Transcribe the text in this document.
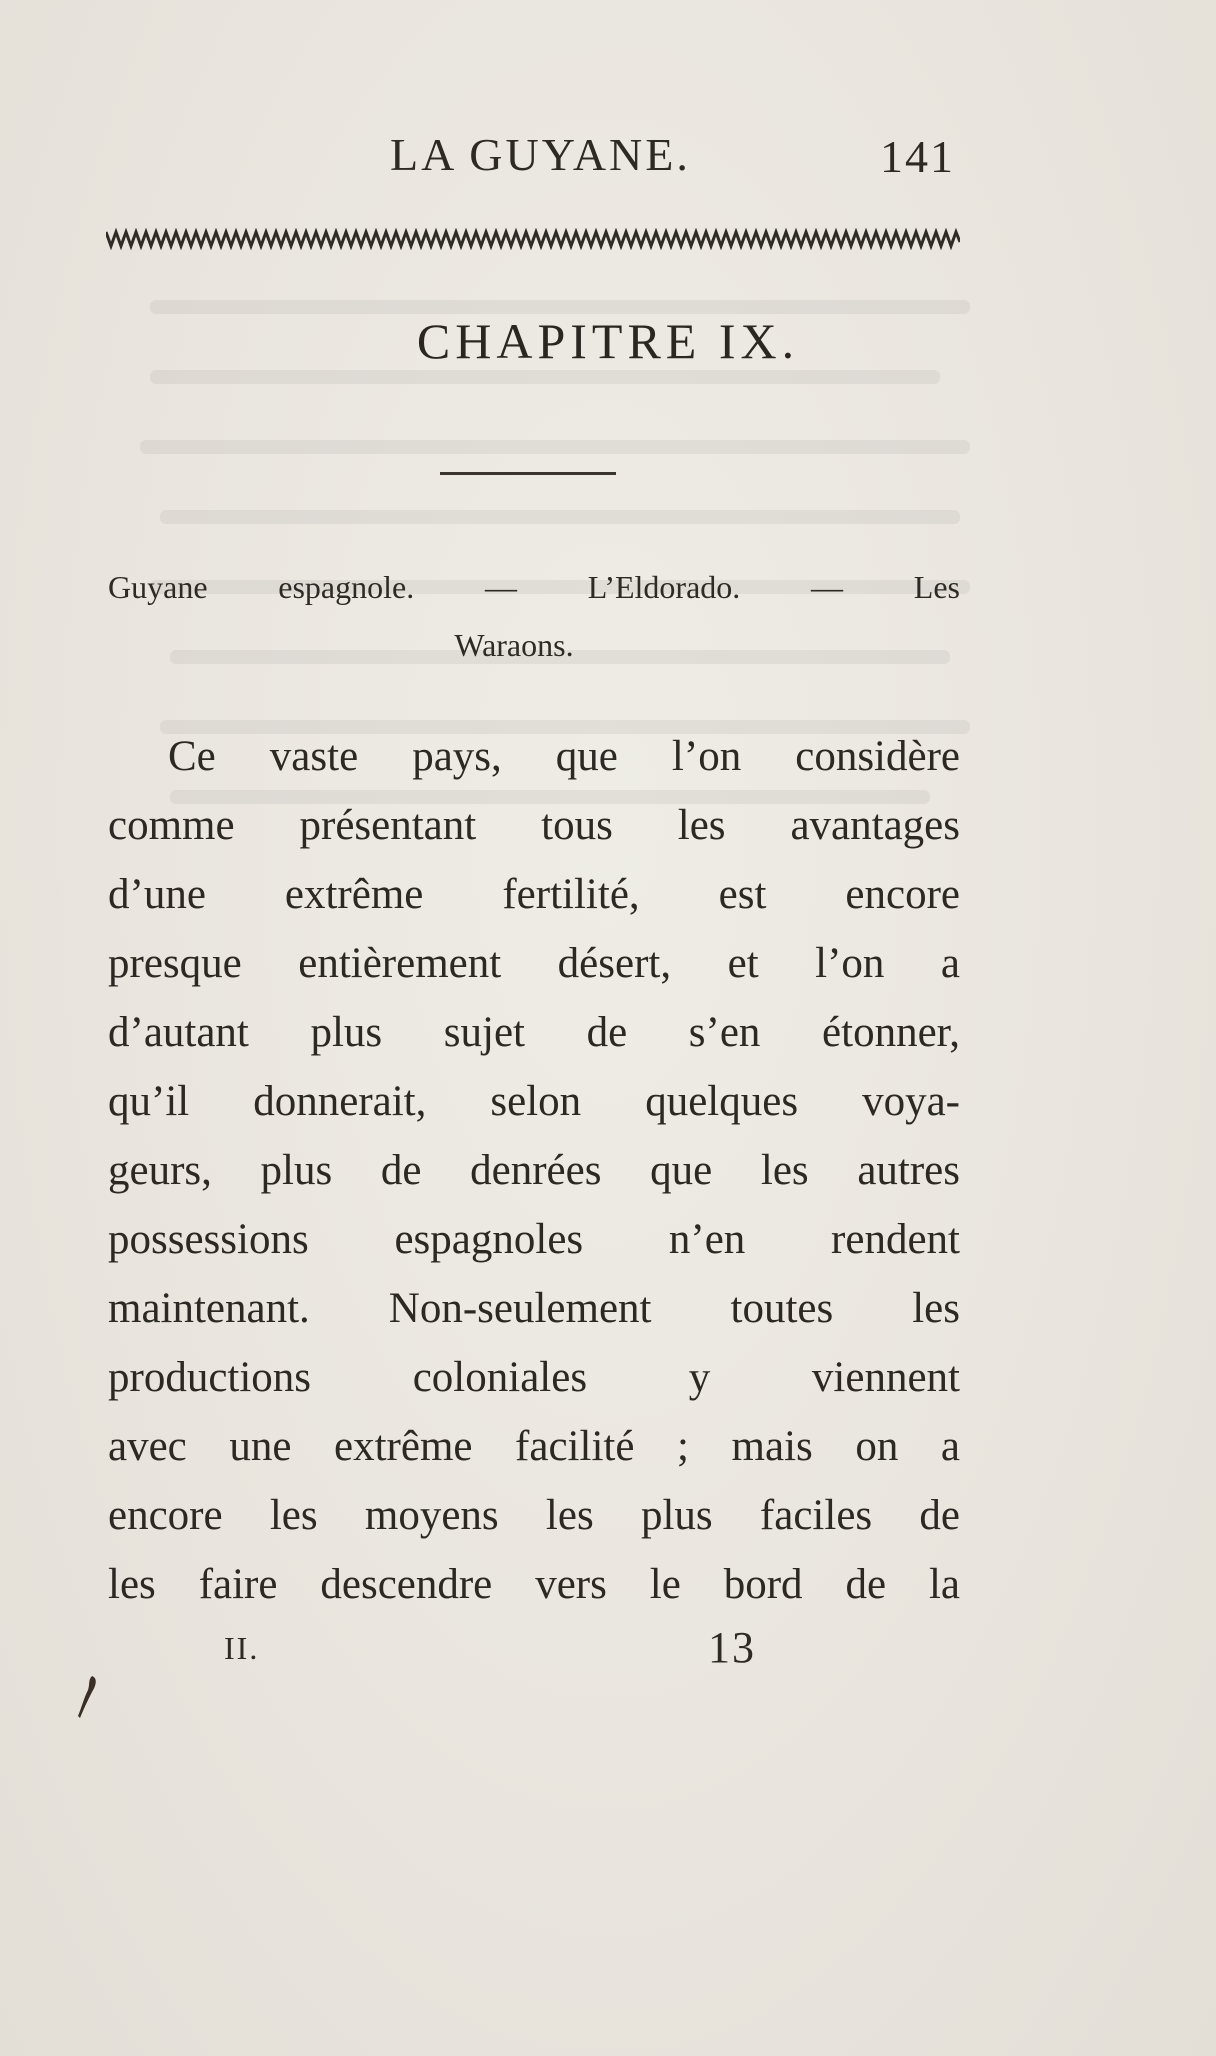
LA GUYANE.	141
CHAPITRE IX.
Guyane espagnole. — L’Eldorado. — Les
Waraons.
Ce vaste pays, que l’on considère
comme présentant tous les avantages
d’une extrême fertilité, est encore
presque entièrement désert, et l’on a
d’autant plus sujet de s’en étonner,
qu’il donnerait, selon quelques voya-
geurs, plus de denrées que les autres
possessions espagnoles n’en rendent
maintenant. Non-seulement toutes les
productions coloniales y viennent
avec une extrême facilité ; mais on a
encore les moyens les plus faciles de
les faire descendre vers le bord de la
II.	13
